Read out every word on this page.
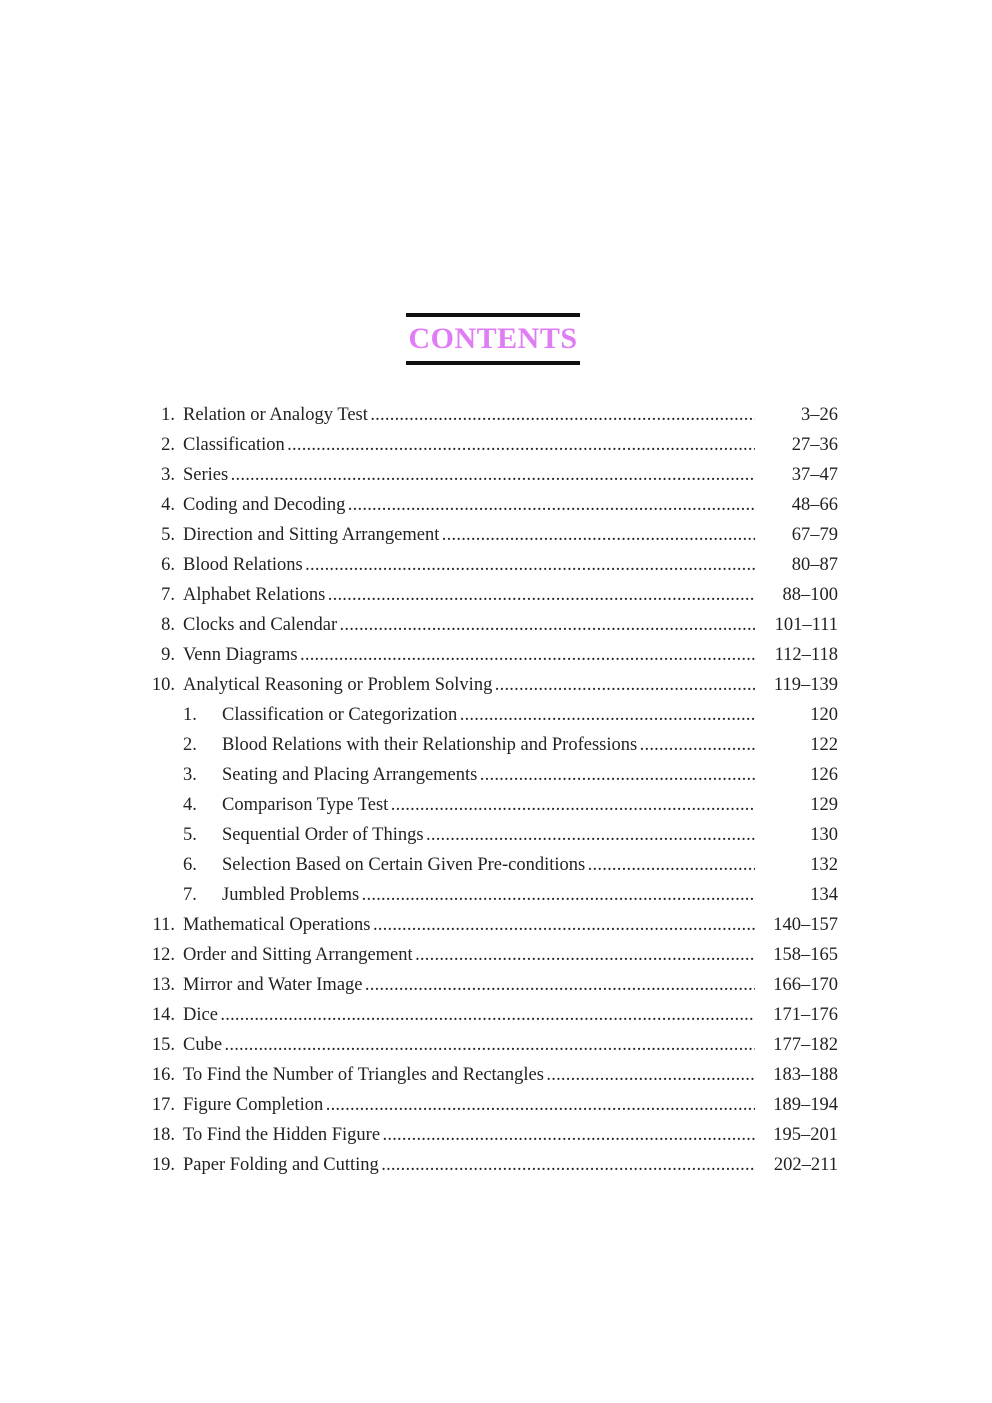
CONTENTS
1. Relation or Analogy Test . . .	3–26
2. Classification . . .	27–36
3. Series . . .	37–47
4. Coding and Decoding . . .	48–66
5. Direction and Sitting Arrangement . . .	67–79
6. Blood Relations . . .	80–87
7. Alphabet Relations . . .	88–100
8. Clocks and Calendar . . .	101–111
9. Venn Diagrams . . .	112–118
10. Analytical Reasoning or Problem Solving . . .	119–139
1. Classification or Categorization . . .	120
2. Blood Relations with their Relationship and Professions . . .	122
3. Seating and Placing Arrangements . . .	126
4. Comparison Type Test . . .	129
5. Sequential Order of Things . . .	130
6. Selection Based on Certain Given Pre-conditions . . .	132
7. Jumbled Problems . . .	134
11. Mathematical Operations . . .	140–157
12. Order and Sitting Arrangement . . .	158–165
13. Mirror and Water Image . . .	166–170
14. Dice . . .	171–176
15. Cube . . .	177–182
16. To Find the Number of Triangles and Rectangles . . .	183–188
17. Figure Completion . . .	189–194
18. To Find the Hidden Figure . . .	195–201
19. Paper Folding and Cutting . . .	202–211
